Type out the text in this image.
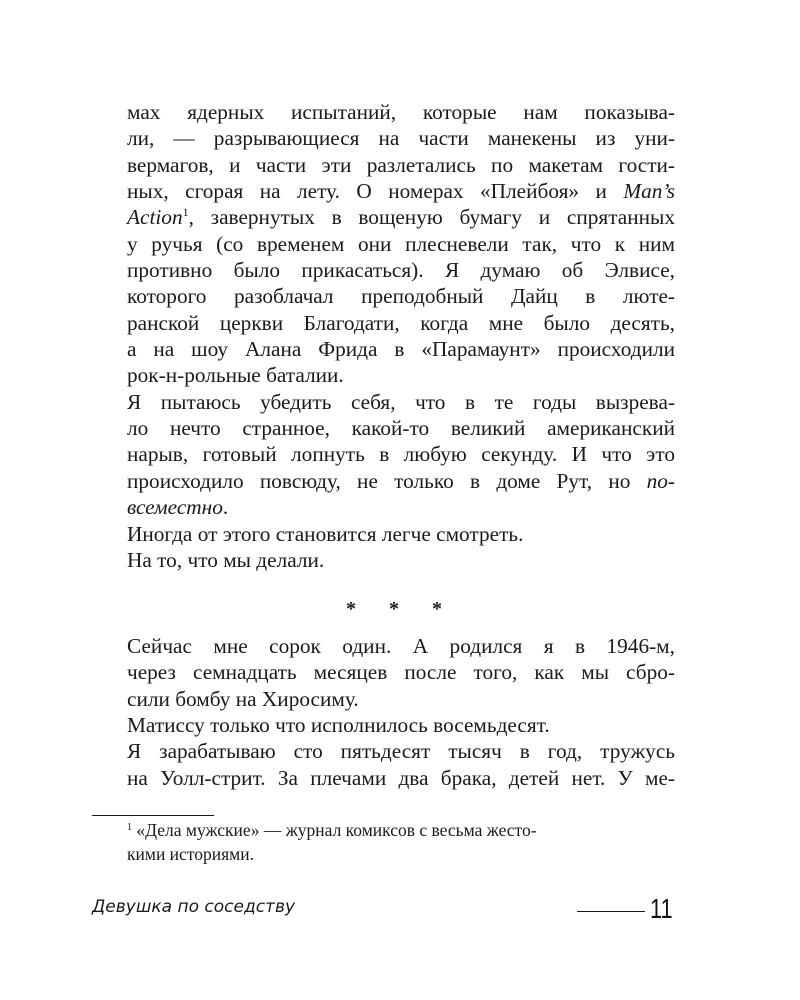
мах ядерных испытаний, которые нам показыва-
ли, — разрывающиеся на части манекены из уни-
вермагов, и части эти разлетались по макетам гости-
ных, сгорая на лету. О номерах «Плейбоя» и Man’s
Action$^1$, завернутых в вощеную бумагу и спрятанных
у ручья (со временем они плесневели так, что к ним
противно было прикасаться). Я думаю об Элвисе,
которого разоблачал преподобный Дайц в люте-
ранской церкви Благодати, когда мне было десять,
а на шоу Алана Фрида в «Парамаунт» происходили
рок-н-рольные баталии.
Я пытаюсь убедить себя, что в те годы вызрева-
ло нечто странное, какой-то великий американский
нарыв, готовый лопнуть в любую секунду. И что это
происходило повсюду, не только в доме Рут, но по-
всеместно.
Иногда от этого становится легче смотреть.
На то, что мы делали.
* * *
Сейчас мне сорок один. А родился я в 1946-м,
через семнадцать месяцев после того, как мы сбро-
сили бомбу на Хиросиму.
Матиссу только что исполнилось восемьдесят.
Я зарабатываю сто пятьдесят тысяч в год, тружусь
на Уолл-стрит. За плечами два брака, детей нет. У ме-
$^1$ «Дела мужские» — журнал комиксов с весьма жесто-
кими историями.
Девушка по соседству	11
